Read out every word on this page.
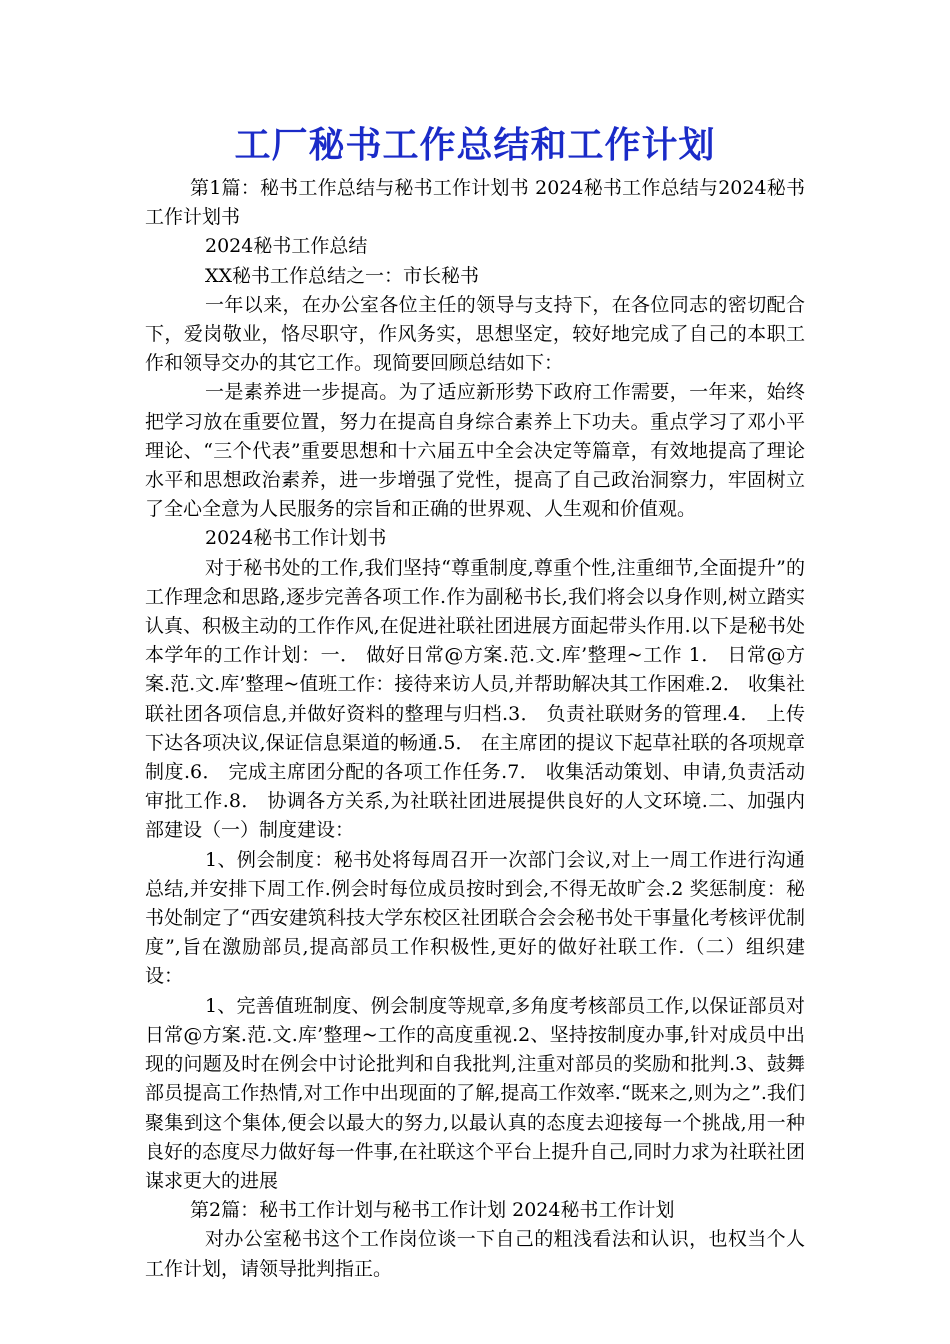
工厂秘书工作总结和工作计划

第1篇：秘书工作总结与秘书工作计划书 2024秘书工作总结与2024秘书工作计划书

2024秘书工作总结

XX秘书工作总结之一：市长秘书

一年以来，在办公室各位主任的领导与支持下，在各位同志的密切配合下，爱岗敬业，恪尽职守，作风务实，思想坚定，较好地完成了自己的本职工作和领导交办的其它工作。现简要回顾总结如下：

一是素养进一步提高。为了适应新形势下政府工作需要，一年来，始终把学习放在重要位置，努力在提高自身综合素养上下功夫。重点学习了邓小平理论、“三个代表”重要思想和十六届五中全会决定等篇章，有效地提高了理论水平和思想政治素养，进一步增强了党性，提高了自己政治洞察力，牢固树立了全心全意为人民服务的宗旨和正确的世界观、人生观和价值观。

2024秘书工作计划书

对于秘书处的工作,我们坚持“尊重制度,尊重个性,注重细节,全面提升”的工作理念和思路,逐步完善各项工作.作为副秘书长,我们将会以身作则,树立踏实认真、积极主动的工作作风,在促进社联社团进展方面起带头作用.以下是秘书处本学年的工作计划：一． 做好日常@方案.范.文.库’整理~工作 1． 日常@方案.范.文.库’整理~值班工作：接待来访人员,并帮助解决其工作困难.2． 收集社联社团各项信息,并做好资料的整理与归档.3． 负责社联财务的管理.4． 上传下达各项决议,保证信息渠道的畅通.5． 在主席团的提议下起草社联的各项规章制度.6． 完成主席团分配的各项工作任务.7． 收集活动策划、申请,负责活动审批工作.8． 协调各方关系,为社联社团进展提供良好的人文环境.二、加强内部建设（一）制度建设：

1、例会制度：秘书处将每周召开一次部门会议,对上一周工作进行沟通总结,并安排下周工作.例会时每位成员按时到会,不得无故旷会.2 奖惩制度：秘书处制定了“西安建筑科技大学东校区社团联合会会秘书处干事量化考核评优制度”,旨在激励部员,提高部员工作积极性,更好的做好社联工作.（二）组织建设：

1、完善值班制度、例会制度等规章,多角度考核部员工作,以保证部员对日常@方案.范.文.库’整理~工作的高度重视.2、坚持按制度办事,针对成员中出现的问题及时在例会中讨论批判和自我批判,注重对部员的奖励和批判.3、鼓舞部员提高工作热情,对工作中出现面的了解,提高工作效率.“既来之,则为之”.我们聚集到这个集体,便会以最大的努力,以最认真的态度去迎接每一个挑战,用一种良好的态度尽力做好每一件事,在社联这个平台上提升自己,同时力求为社联社团谋求更大的进展

第2篇：秘书工作计划与秘书工作计划 2024秘书工作计划

对办公室秘书这个工作岗位谈一下自己的粗浅看法和认识，也权当个人工作计划，请领导批判指正。
